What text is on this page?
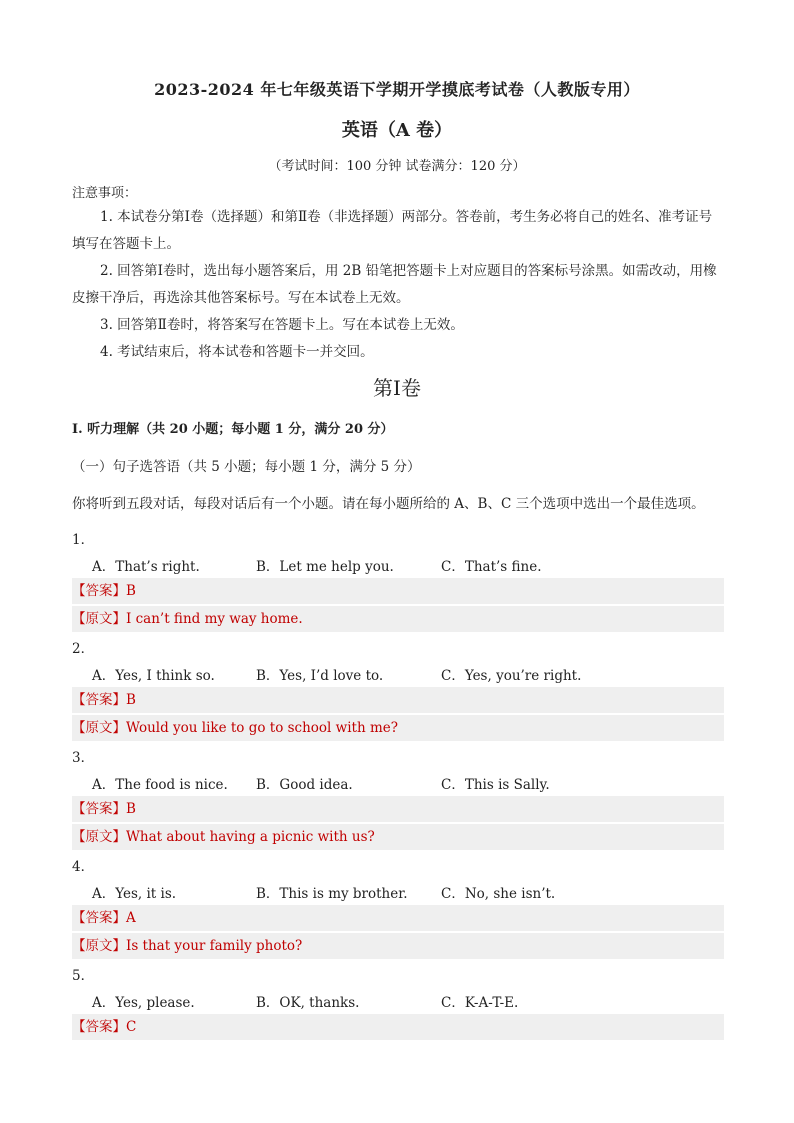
2023-2024 年七年级英语下学期开学摸底考试卷（人教版专用）
英语（A 卷）
（考试时间：100 分钟 试卷满分：120 分）
注意事项：
1. 本试卷分第Ⅰ卷（选择题）和第Ⅱ卷（非选择题）两部分。答卷前，考生务必将自己的姓名、准考证号填写在答题卡上。
2. 回答第Ⅰ卷时，选出每小题答案后，用 2B 铅笔把答题卡上对应题目的答案标号涂黑。如需改动，用橡皮擦干净后，再选涂其他答案标号。写在本试卷上无效。
3. 回答第Ⅱ卷时，将答案写在答题卡上。写在本试卷上无效。
4. 考试结束后，将本试卷和答题卡一并交回。
第Ⅰ卷
I. 听力理解（共 20 小题；每小题 1 分，满分 20 分）
（一）句子选答语（共 5 小题；每小题 1 分，满分 5 分）
你将听到五段对话，每段对话后有一个小题。请在每小题所给的 A、B、C 三个选项中选出一个最佳选项。
1．
A．That’s right.	B．Let me help you.	C．That’s fine.
【答案】B
【原文】I can’t find my way home.
2．
A．Yes, I think so.	B．Yes, I’d love to.	C．Yes, you’re right.
【答案】B
【原文】Would you like to go to school with me?
3．
A．The food is nice. B．Good idea.	C．This is Sally.
【答案】B
【原文】What about having a picnic with us?
4．
A．Yes, it is.	B．This is my brother. C．No, she isn’t.
【答案】A
【原文】Is that your family photo?
5．
A．Yes, please.	B．OK, thanks.	C．K-A-T-E.
【答案】C
